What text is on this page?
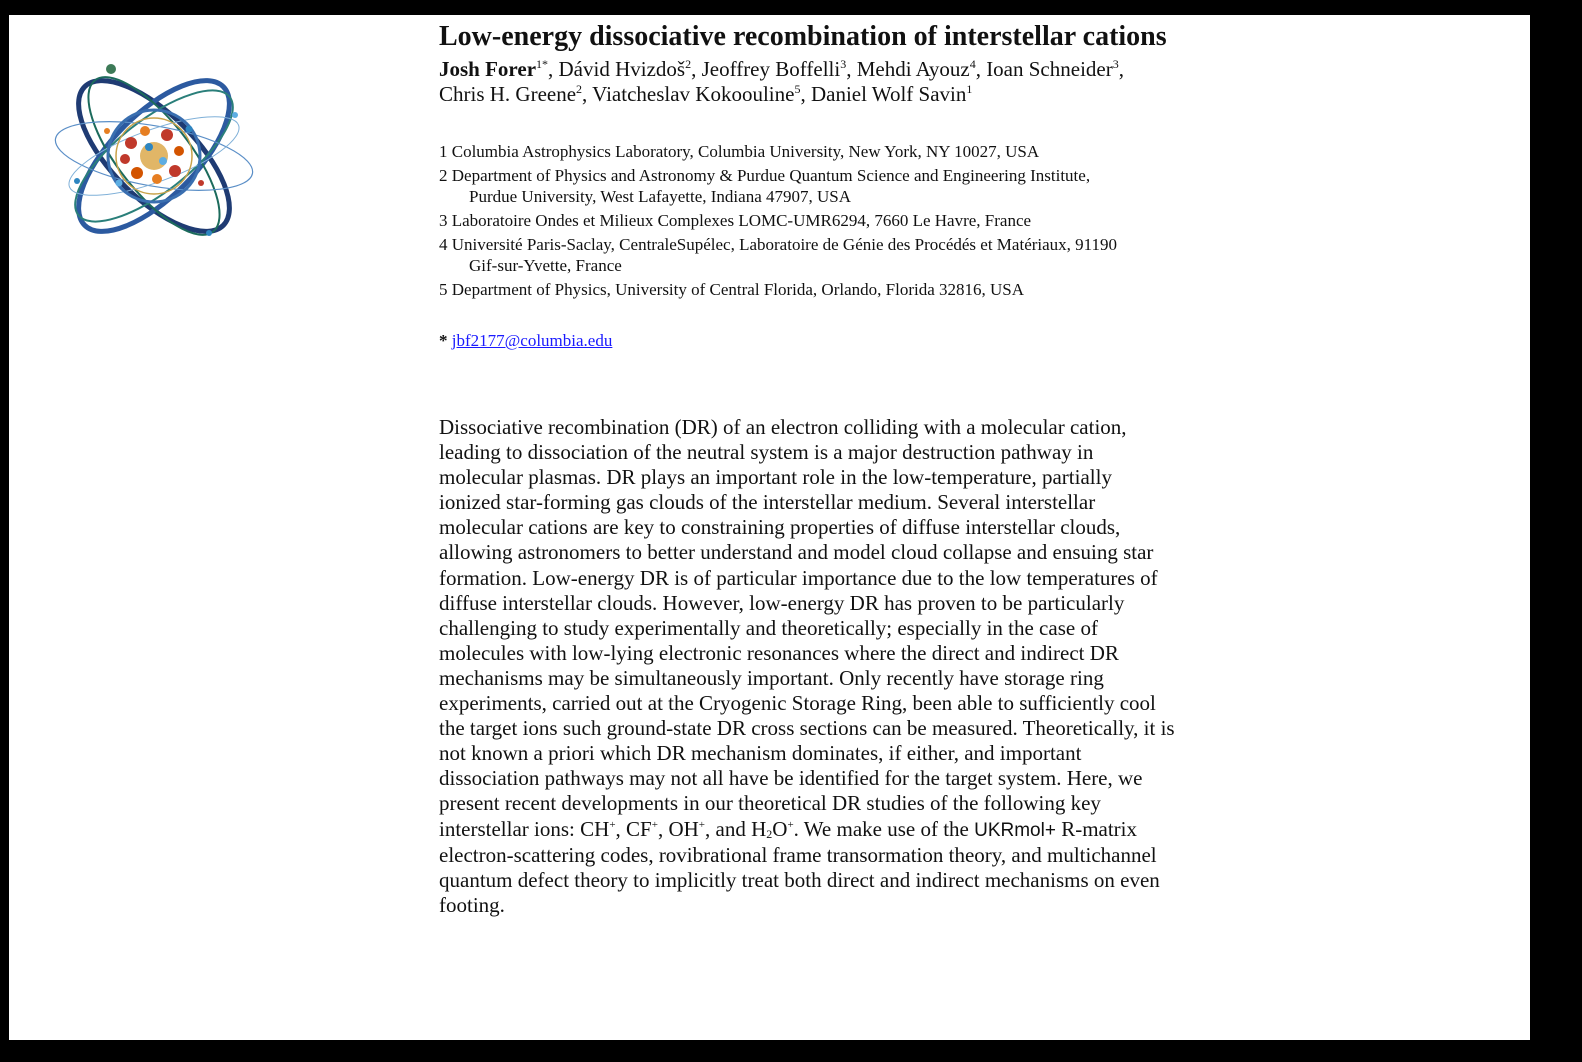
Low-energy dissociative recombination of interstellar cations
Josh Forer$^{1*}$, Dávid Hvizdoš$^2$, Jeoffrey Boffelli$^3$, Mehdi Ayouz$^4$, Ioan Schneider$^3$,
Chris H. Greene$^2$, Viatcheslav Kokoouline$^5$, Daniel Wolf Savin$^1$

1 Columbia Astrophysics Laboratory, Columbia University, New York, NY 10027, USA

2 Department of Physics and Astronomy & Purdue Quantum Science and Engineering Institute,
Purdue University, West Lafayette, Indiana 47907, USA

3 Laboratoire Ondes et Milieux Complexes LOMC-UMR6294, 7660 Le Havre, France

4 Université Paris-Saclay, CentraleSupélec, Laboratoire de Génie des Procédés et Matériaux, 91190
Gif-sur-Yvette, France

5 Department of Physics, University of Central Florida, Orlando, Florida 32816, USA

* jbf2177@columbia.edu

Dissociative recombination (DR) of an electron colliding with a molecular cation, leading to dissociation of the neutral system is a major destruction pathway in molecular plasmas. DR plays an important role in the low-temperature, partially ionized star-forming gas clouds of the interstellar medium. Several interstellar molecular cations are key to constraining properties of diffuse interstellar clouds, allowing astronomers to better understand and model cloud collapse and ensuing star formation. Low-energy DR is of particular importance due to the low temperatures of diffuse interstellar clouds. However, low-energy DR has proven to be particularly challenging to study experimentally and theoretically; especially in the case of molecules with low-lying electronic resonances where the direct and indirect DR mechanisms may be simultaneously important. Only recently have storage ring experiments, carried out at the Cryogenic Storage Ring, been able to sufficiently cool the target ions such ground-state DR cross sections can be measured. Theoretically, it is not known a priori which DR mechanism dominates, if either, and important dissociation pathways may not all have be identified for the target system. Here, we present recent developments in our theoretical DR studies of the following key interstellar ions: CH+, CF+, OH+, and $H_2O^+$. We make use of the UKRmol+ R-matrix electron-scattering codes, rovibrational frame transormation theory, and multichannel quantum defect theory to implicitly treat both direct and indirect mechanisms on even footing.
